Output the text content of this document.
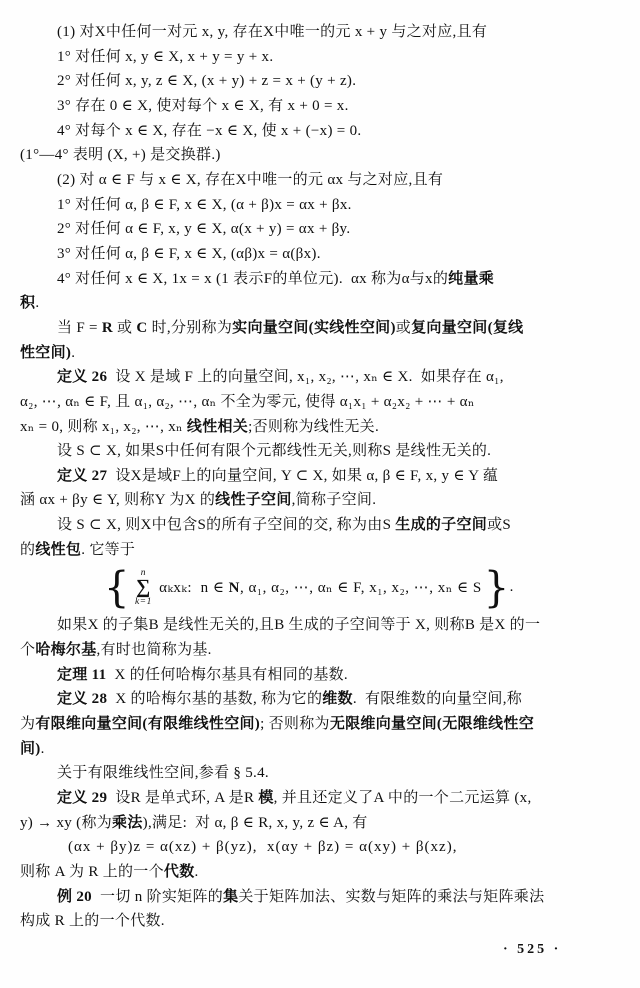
(1) 对X中任何一对元 x, y, 存在X中唯一的元 x + y 与之对应,且有
1° 对任何 x, y ∈ X, x + y = y + x.
2° 对任何 x, y, z ∈ X, (x + y) + z = x + (y + z).
3° 存在 0 ∈ X, 使对每个 x ∈ X, 有 x + 0 = x.
4° 对每个 x ∈ X, 存在 −x ∈ X, 使 x + (−x) = 0.
(1°—4° 表明 (X, +) 是交换群.)
(2) 对 α ∈ F 与 x ∈ X, 存在X中唯一的元 αx 与之对应,且有
1° 对任何 α, β ∈ F, x ∈ X, (α + β)x = αx + βx.
2° 对任何 α ∈ F, x, y ∈ X, α(x + y) = αx + βy.
3° 对任何 α, β ∈ F, x ∈ X, (αβ)x = α(βx).
4° 对任何 x ∈ X, 1x = x (1 表示F的单位元).  αx 称为α与x的纯量乘
积.
当 F = R 或 C 时,分别称为实向量空间(实线性空间)或复向量空间(复线
性空间).
定义 26  设 X 是域 F 上的向量空间, x₁, x₂, ⋯, xₙ ∈ X.  如果存在 α₁,
α₂, ⋯, αₙ ∈ F, 且 α₁, α₂, ⋯, αₙ 不全为零元, 使得 α₁x₁ + α₂x₂ + ⋯ + αₙ
xₙ = 0, 则称 x₁, x₂, ⋯, xₙ 线性相关;否则称为线性无关.
设 S ⊂ X, 如果S中任何有限个元都线性无关,则称S 是线性无关的.
定义 27  设X是域F上的向量空间, Y ⊂ X, 如果 α, β ∈ F, x, y ∈ Y 蕴
涵 αx + βy ∈ Y, 则称Y 为X 的线性子空间,简称子空间.
设 S ⊂ X, 则X中包含S的所有子空间的交, 称为由S 生成的子空间或S
的线性包. 它等于
{ n
∑
k=1
αₖxₖ:  n ∈ N, α₁, α₂, ⋯, αₙ ∈ F, x₁, x₂, ⋯, xₙ ∈ S } .
如果X 的子集B 是线性无关的,且B 生成的子空间等于 X, 则称B 是X 的一
个哈梅尔基,有时也简称为基.
定理 11  X 的任何哈梅尔基具有相同的基数.
定义 28  X 的哈梅尔基的基数, 称为它的维数.  有限维数的向量空间,称
为有限维向量空间(有限维线性空间); 否则称为无限维向量空间(无限维线性空
间).
关于有限维线性空间,参看 § 5.4.
定义 29  设R 是单式环, A 是R 模, 并且还定义了A 中的一个二元运算 (x,
y) → xy (称为乘法),满足:  对 α, β ∈ R, x, y, z ∈ A, 有
(αx + βy)z = α(xz) + β(yz),  x(αy + βz) = α(xy) + β(xz),
则称 A 为 R 上的一个代数.
例 20  一切 n 阶实矩阵的集关于矩阵加法、实数与矩阵的乘法与矩阵乘法
构成 R 上的一个代数.
· 525 ·
